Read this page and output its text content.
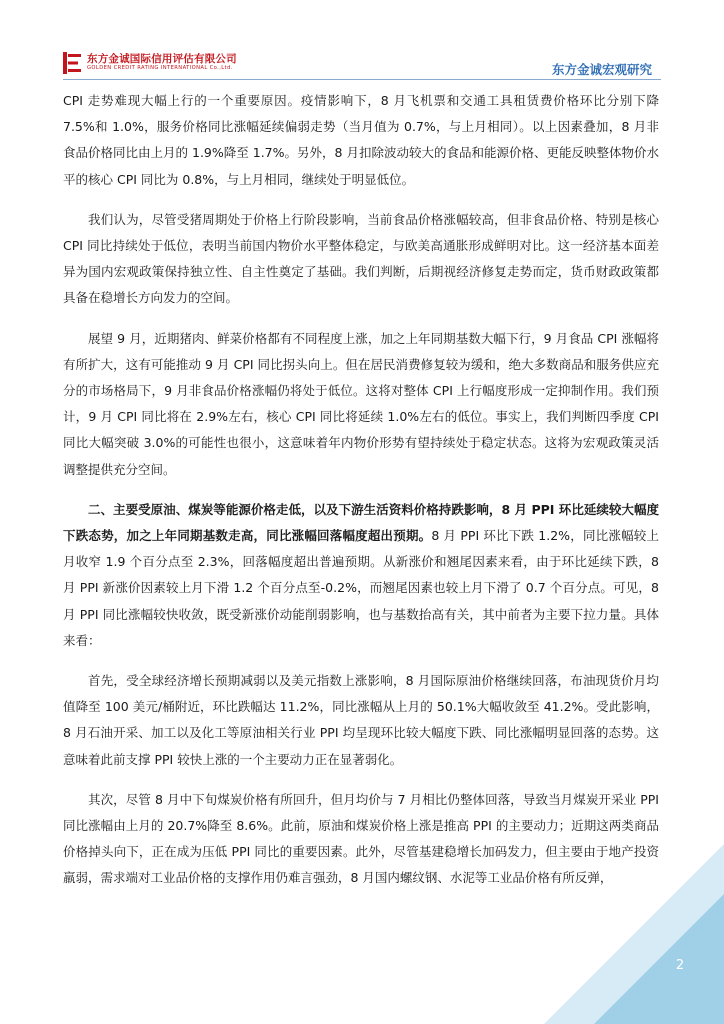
东方金诚国际信用评估有限公司
GOLDEN CREDIT RATING INTERNATIONAL Co.,Ltd.	东方金诚宏观研究

CPI 走势难现大幅上行的一个重要原因。疫情影响下，8 月飞机票和交通工具租赁费价格环比分别下降 7.5%和 1.0%，服务价格同比涨幅延续偏弱走势（当月值为 0.7%，与上月相同）。以上因素叠加，8 月非食品价格同比由上月的 1.9%降至 1.7%。另外，8 月扣除波动较大的食品和能源价格、更能反映整体物价水平的核心 CPI 同比为 0.8%，与上月相同，继续处于明显低位。

我们认为，尽管受猪周期处于价格上行阶段影响，当前食品价格涨幅较高，但非食品价格、特别是核心 CPI 同比持续处于低位，表明当前国内物价水平整体稳定，与欧美高通胀形成鲜明对比。这一经济基本面差异为国内宏观政策保持独立性、自主性奠定了基础。我们判断，后期视经济修复走势而定，货币财政政策都具备在稳增长方向发力的空间。

展望 9 月，近期猪肉、鲜菜价格都有不同程度上涨，加之上年同期基数大幅下行，9 月食品 CPI 涨幅将有所扩大，这有可能推动 9 月 CPI 同比拐头向上。但在居民消费修复较为缓和，绝大多数商品和服务供应充分的市场格局下，9 月非食品价格涨幅仍将处于低位。这将对整体 CPI 上行幅度形成一定抑制作用。我们预计，9 月 CPI 同比将在 2.9%左右，核心 CPI 同比将延续 1.0%左右的低位。事实上，我们判断四季度 CPI 同比大幅突破 3.0%的可能性也很小，这意味着年内物价形势有望持续处于稳定状态。这将为宏观政策灵活调整提供充分空间。

二、主要受原油、煤炭等能源价格走低，以及下游生活资料价格持跌影响，8 月 PPI 环比延续较大幅度下跌态势，加之上年同期基数走高，同比涨幅回落幅度超出预期。8 月 PPI 环比下跌 1.2%，同比涨幅较上月收窄 1.9 个百分点至 2.3%，回落幅度超出普遍预期。从新涨价和翘尾因素来看，由于环比延续下跌，8 月 PPI 新涨价因素较上月下滑 1.2 个百分点至-0.2%，而翘尾因素也较上月下滑了 0.7 个百分点。可见，8 月 PPI 同比涨幅较快收敛，既受新涨价动能削弱影响，也与基数抬高有关，其中前者为主要下拉力量。具体来看：

首先，受全球经济增长预期减弱以及美元指数上涨影响，8 月国际原油价格继续回落，布油现货价月均值降至 100 美元/桶附近，环比跌幅达 11.2%，同比涨幅从上月的 50.1%大幅收敛至 41.2%。受此影响，8 月石油开采、加工以及化工等原油相关行业 PPI 均呈现环比较大幅度下跌、同比涨幅明显回落的态势。这意味着此前支撑 PPI 较快上涨的一个主要动力正在显著弱化。

其次，尽管 8 月中下旬煤炭价格有所回升，但月均价与 7 月相比仍整体回落，导致当月煤炭开采业 PPI 同比涨幅由上月的 20.7%降至 8.6%。此前，原油和煤炭价格上涨是推高 PPI 的主要动力；近期这两类商品价格掉头向下，正在成为压低 PPI 同比的重要因素。此外，尽管基建稳增长加码发力，但主要由于地产投资羸弱，需求端对工业品价格的支撑作用仍难言强劲，8 月国内螺纹钢、水泥等工业品价格有所反弹，

2
